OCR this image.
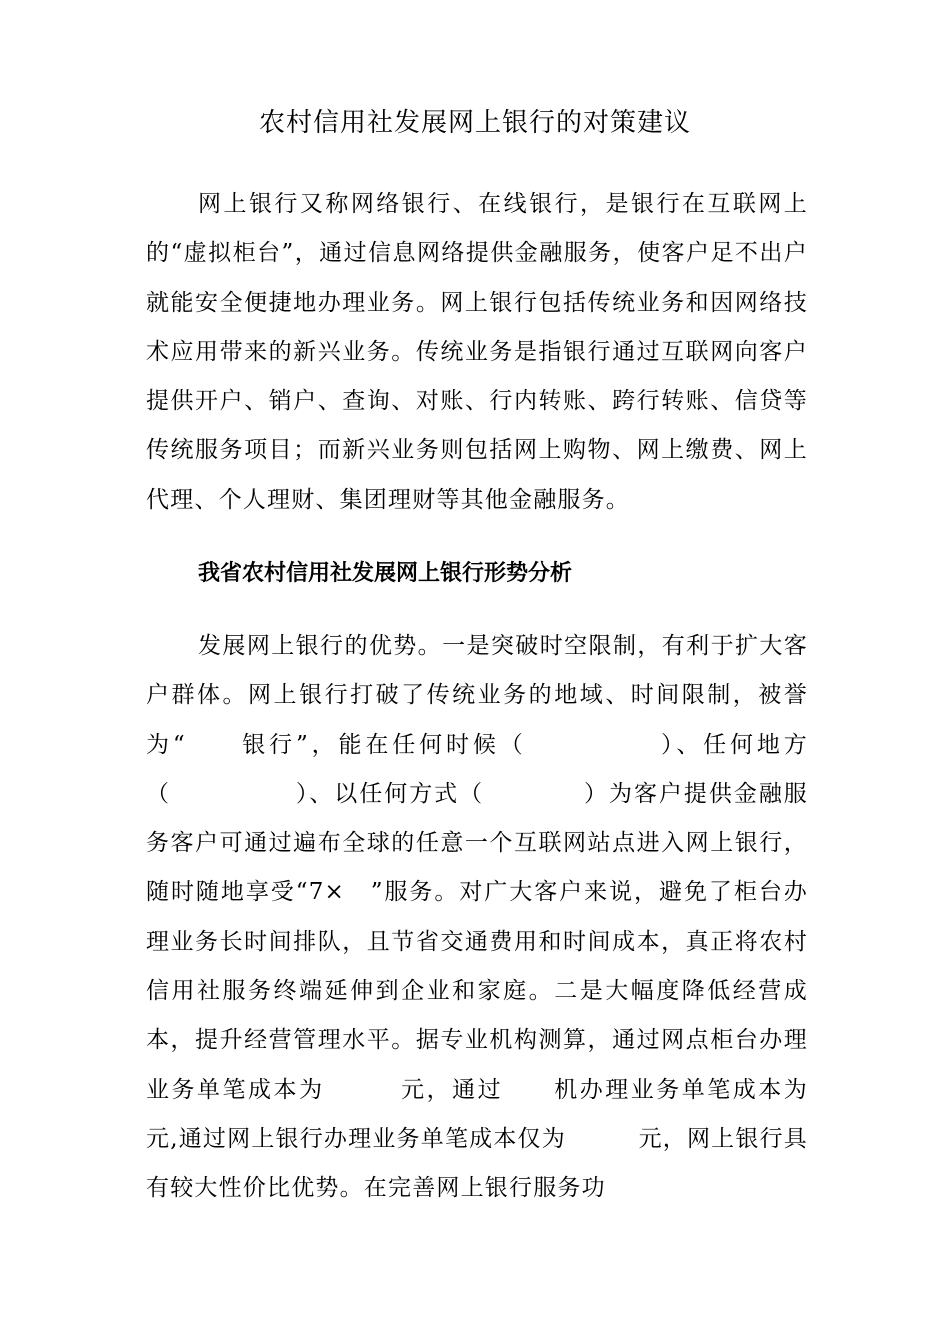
农村信用社发展网上银行的对策建议

网上银行又称网络银行、在线银行，是银行在互联网上的“虚拟柜台”，通过信息网络提供金融服务，使客户足不出户就能安全便捷地办理业务。网上银行包括传统业务和因网络技术应用带来的新兴业务。传统业务是指银行通过互联网向客户提供开户、销户、查询、对账、行内转账、跨行转账、信贷等传统服务项目；而新兴业务则包括网上购物、网上缴费、网上代理、个人理财、集团理财等其他金融服务。

我省农村信用社发展网上银行形势分析

发展网上银行的优势。一是突破时空限制，有利于扩大客户群体。网上银行打破了传统业务的地域、时间限制，被誉为“　　银行”，能在任何时候（　　　　　）、任何地方（　　　　　）、以任何方式（　　　　）为客户提供金融服务客户可通过遍布全球的任意一个互联网站点进入网上银行，随时随地享受“7×　”服务。对广大客户来说，避免了柜台办理业务长时间排队，且节省交通费用和时间成本，真正将农村信用社服务终端延伸到企业和家庭。二是大幅度降低经营成本，提升经营管理水平。据专业机构测算，通过网点柜台办理业务单笔成本为　　　元，通过　　机办理业务单笔成本为　　　元,通过网上银行办理业务单笔成本仅为　　　元，网上银行具有较大性价比优势。在完善网上银行服务功
